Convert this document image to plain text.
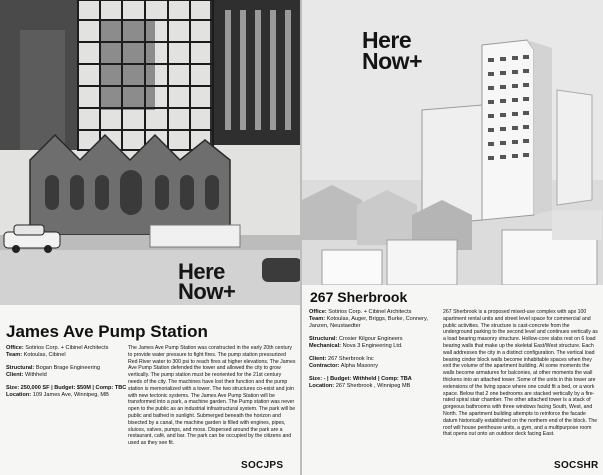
Here
Now+
James Ave Pump Station
Office: Sotirios Corp. + Cibinel Architects
Team: Kotoulas, Cibinel
Structural: Bogan Brage Engineering
Client: Withheld
Size: 250,000 SF | Budget: $50M | Comp: TBC
Location: 109 James Ave, Winnipeg, MB
The James Ave Pump Station was constructed in the early 20th century to provide water pressure to fight fires. The pump station pressurized Red River water to 300 psi to reach fires at higher elevations. The James Ave Pump Station defended the tower and allowed the city to grow vertically. The pump station must be reoriented for the 21st century needs of the city. The machines have lost their function and the pump station is memorialized with a tower. The two structures co-exist and join with new tectonic systems. The James Ave Pump Station will be transformed into a park, a machine garden. The Pump station was never open to the public as an industrial infrastructural system. The park will be public and bathed in sunlight. Submerged beneath the horizon and bisected by a canal, the machine garden is filled with engines, pipes, sluices, valves, pumps, and moss. Dispersed around the park are a restaurant, café, and bar. The park can be occupied by the citizens and used as they see fit.
SOCJPS
Here
Now+
267 Sherbrook
Office: Sotirios Corp. + Cibinel Architects
Team: Kotoulas, Auger, Briggs, Burke, Connery, Janzen, Neustaedter
Structural: Crosier Kilgour Engineers
Mechanical: Nova 3 Engineering Ltd.
Client: 267 Sherbrook Inc
Contractor: Alpha Masonry
Size: - | Budget: Withheld | Comp: TBA
Location: 267 Sherbrook , Winnipeg MB
267 Sherbrook is a proposed mixed-use complex with apx 100 apartment rental units and street level space for commercial and public activities. The structure is cast-concrete from the underground parking to the second level and continues vertically as a load bearing masonry structure. Hollow-core slabs rest on 6 load bearing walls that make up the skeletal East/West structure. Each wall addresses the city in a distinct configuration. The vertical load bearing cinder block walls become inhabitable spaces when they exit the volume of the apartment building. At some moments the walls become armatures for balconies, at other moments the wall thickens into an attached tower. Some of the units in this tower are extensions of the living space where one could fit a bed, or a work space. Below that 2 one bedrooms are stacked vertically by a fire-rated spiral stair chamber. The other attached tower is a stack of gorgeous bathrooms with three windows facing South, West, and North. The apartment building attempts to reinforce the facade datum historically established on the northern end of the block. The roof will house penthouse units, a gym, and a multipurpose room that opens out onto an outdoor deck facing East.
SOCSHR
